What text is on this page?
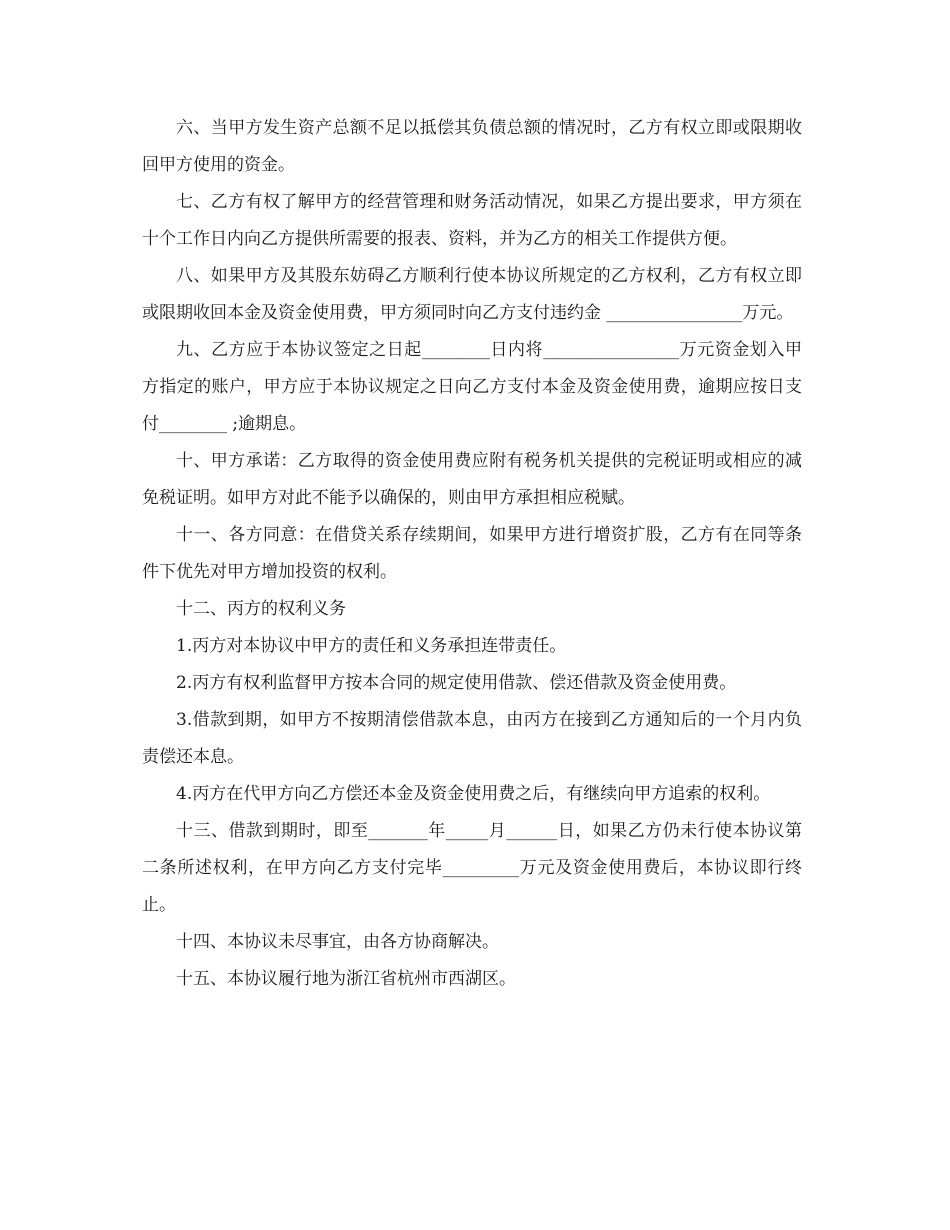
六、当甲方发生资产总额不足以抵偿其负债总额的情况时，乙方有权立即或限期收回甲方使用的资金。

七、乙方有权了解甲方的经营管理和财务活动情况，如果乙方提出要求，甲方须在十个工作日内向乙方提供所需要的报表、资料，并为乙方的相关工作提供方便。

八、如果甲方及其股东妨碍乙方顺利行使本协议所规定的乙方权利，乙方有权立即或限期收回本金及资金使用费，甲方须同时向乙方支付违约金 ________________万元。

九、乙方应于本协议签定之日起________日内将________________万元资金划入甲方指定的账户，甲方应于本协议规定之日向乙方支付本金及资金使用费，逾期应按日支付________ ;逾期息。

十、甲方承诺：乙方取得的资金使用费应附有税务机关提供的完税证明或相应的减免税证明。如甲方对此不能予以确保的，则由甲方承担相应税赋。

十一、各方同意：在借贷关系存续期间，如果甲方进行增资扩股，乙方有在同等条件下优先对甲方增加投资的权利。

十二、丙方的权利义务

1.丙方对本协议中甲方的责任和义务承担连带责任。

2.丙方有权利监督甲方按本合同的规定使用借款、偿还借款及资金使用费。

3.借款到期，如甲方不按期清偿借款本息，由丙方在接到乙方通知后的一个月内负责偿还本息。

4.丙方在代甲方向乙方偿还本金及资金使用费之后，有继续向甲方追索的权利。

十三、借款到期时，即至_______年_____月______日，如果乙方仍未行使本协议第二条所述权利，在甲方向乙方支付完毕_________万元及资金使用费后，本协议即行终止。

十四、本协议未尽事宜，由各方协商解决。

十五、本协议履行地为浙江省杭州市西湖区。
